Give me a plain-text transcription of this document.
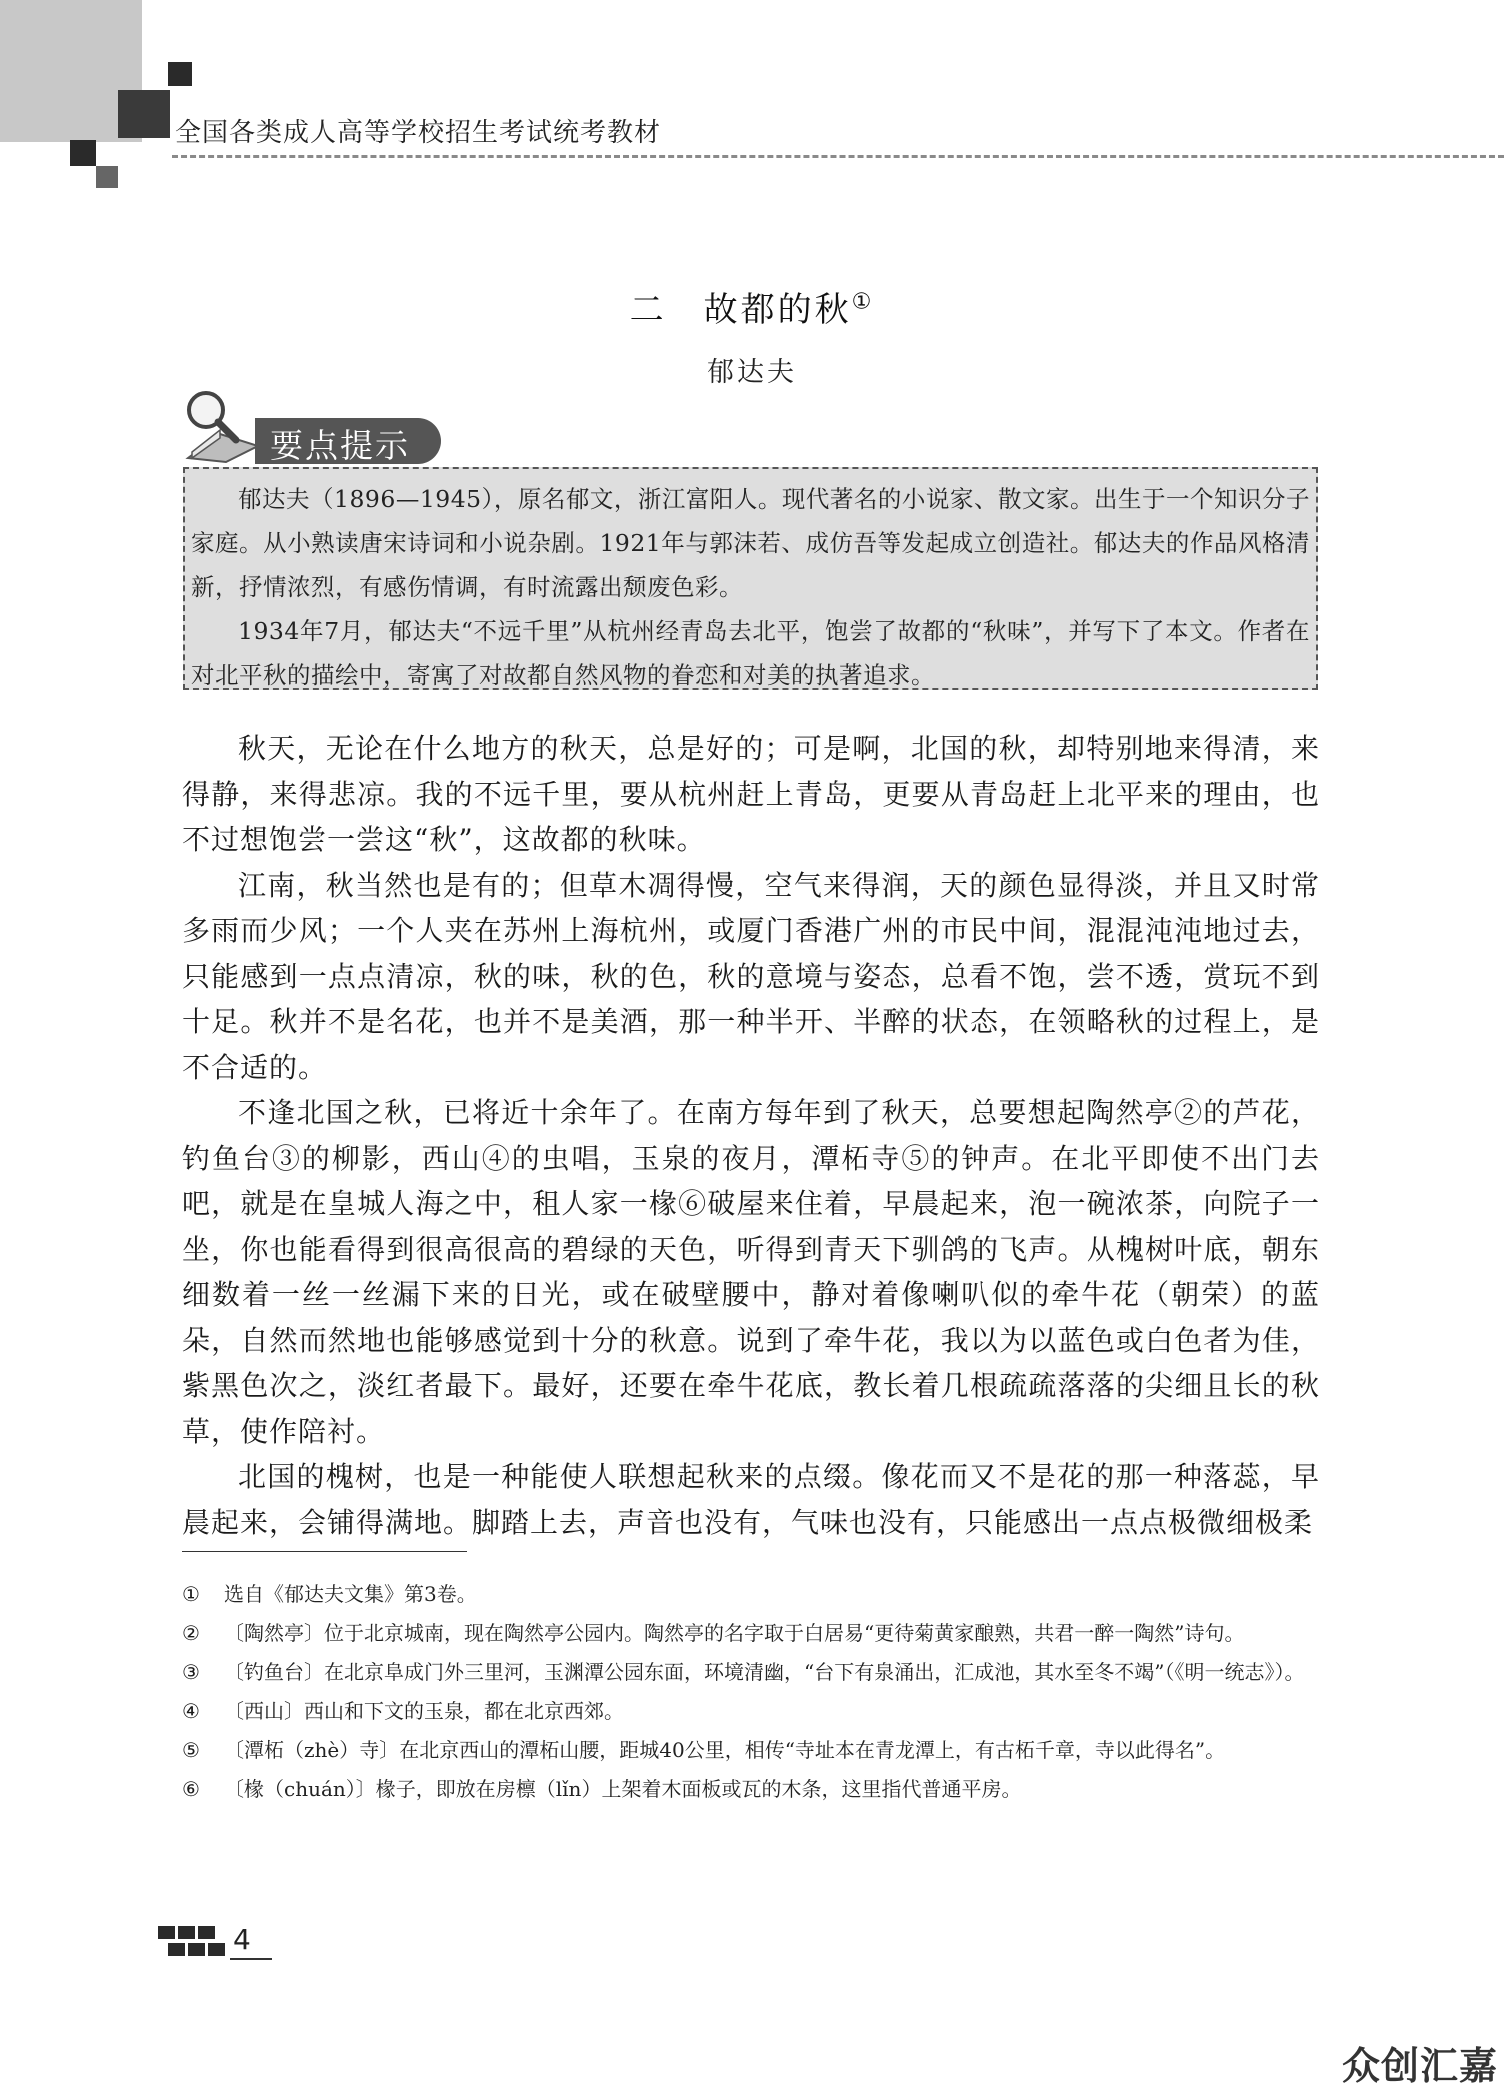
全国各类成人高等学校招生考试统考教材
二　故都的秋①
郁达夫
要点提示

郁达夫（1896—1945），原名郁文，浙江富阳人。现代著名的小说家、散文家。出生于一个知识分子家庭。从小熟读唐宋诗词和小说杂剧。1921年与郭沫若、成仿吾等发起成立创造社。郁达夫的作品风格清新，抒情浓烈，有感伤情调，有时流露出颓废色彩。

1934年7月，郁达夫“不远千里”从杭州经青岛去北平，饱尝了故都的“秋味”，并写下了本文。作者在对北平秋的描绘中，寄寓了对故都自然风物的眷恋和对美的执著追求。

秋天，无论在什么地方的秋天，总是好的；可是啊，北国的秋，却特别地来得清，来得静，来得悲凉。我的不远千里，要从杭州赶上青岛，更要从青岛赶上北平来的理由，也不过想饱尝一尝这“秋”，这故都的秋味。

江南，秋当然也是有的；但草木凋得慢，空气来得润，天的颜色显得淡，并且又时常多雨而少风；一个人夹在苏州上海杭州，或厦门香港广州的市民中间，混混沌沌地过去，只能感到一点点清凉，秋的味，秋的色，秋的意境与姿态，总看不饱，尝不透，赏玩不到十足。秋并不是名花，也并不是美酒，那一种半开、半醉的状态，在领略秋的过程上，是不合适的。

不逢北国之秋，已将近十余年了。在南方每年到了秋天，总要想起陶然亭②的芦花，钓鱼台③的柳影，西山④的虫唱，玉泉的夜月，潭柘寺⑤的钟声。在北平即使不出门去吧，就是在皇城人海之中，租人家一椽⑥破屋来住着，早晨起来，泡一碗浓茶，向院子一坐，你也能看得到很高很高的碧绿的天色，听得到青天下驯鸽的飞声。从槐树叶底，朝东细数着一丝一丝漏下来的日光，或在破壁腰中，静对着像喇叭似的牵牛花（朝荣）的蓝朵，自然而然地也能够感觉到十分的秋意。说到了牵牛花，我以为以蓝色或白色者为佳，紫黑色次之，淡红者最下。最好，还要在牵牛花底，教长着几根疏疏落落的尖细且长的秋草，使作陪衬。

北国的槐树，也是一种能使人联想起秋来的点缀。像花而又不是花的那一种落蕊，早晨起来，会铺得满地。脚踏上去，声音也没有，气味也没有，只能感出一点点极微细极柔

① 选自《郁达夫文集》第3卷。
② 〔陶然亭〕位于北京城南，现在陶然亭公园内。陶然亭的名字取于白居易“更待菊黄家酿熟，共君一醉一陶然”诗句。
③ 〔钓鱼台〕在北京阜成门外三里河，玉渊潭公园东面，环境清幽，“台下有泉涌出，汇成池，其水至冬不竭”（《明一统志》）。
④ 〔西山〕西山和下文的玉泉，都在北京西郊。
⑤ 〔潭柘（zhè）寺〕在北京西山的潭柘山腰，距城40公里，相传“寺址本在青龙潭上，有古柘千章，寺以此得名”。
⑥ 〔椽（chuán）〕椽子，即放在房檩（lǐn）上架着木面板或瓦的木条，这里指代普通平房。
4
众创汇嘉
